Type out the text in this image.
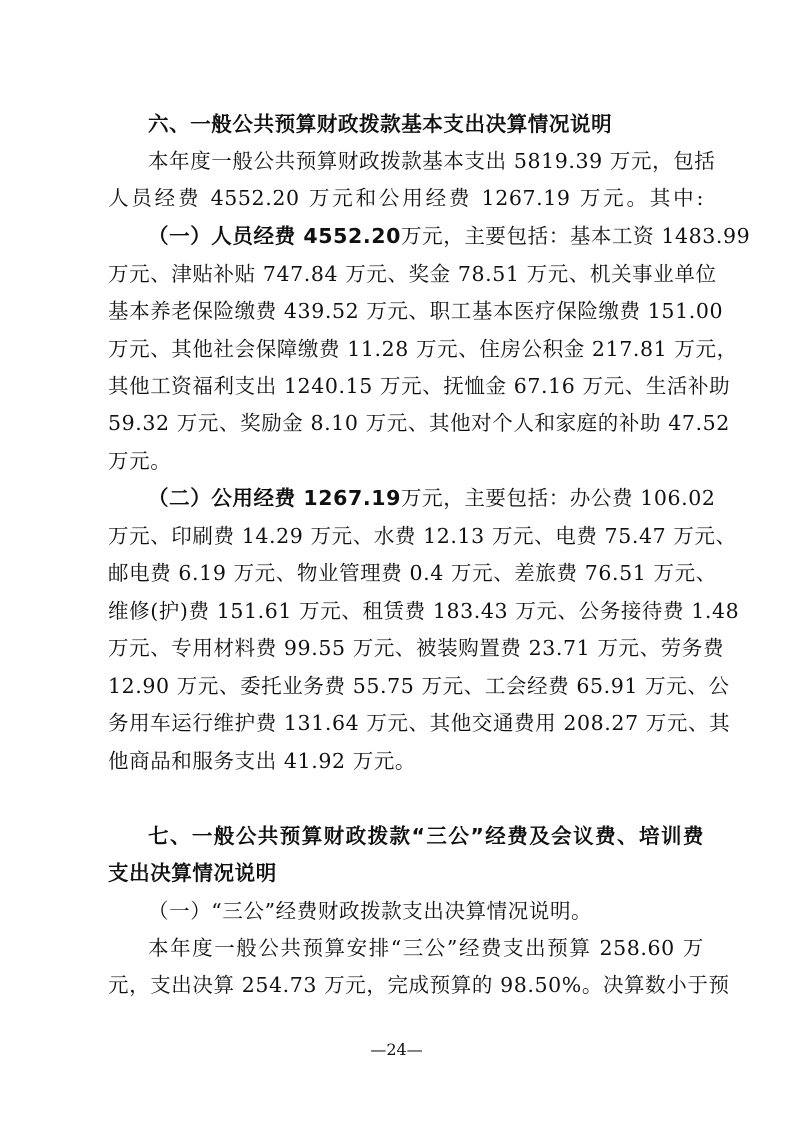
六、一般公共预算财政拨款基本支出决算情况说明
本年度一般公共预算财政拨款基本支出 5819.39 万元，包括
人员经费 4552.20 万元和公用经费 1267.19 万元。其中:
（一）人员经费 4552.20万元，主要包括：基本工资 1483.99
万元、津贴补贴 747.84 万元、奖金 78.51 万元、机关事业单位
基本养老保险缴费 439.52 万元、职工基本医疗保险缴费 151.00
万元、其他社会保障缴费 11.28 万元、住房公积金 217.81 万元，
其他工资福利支出 1240.15 万元、抚恤金 67.16 万元、生活补助
59.32 万元、奖励金 8.10 万元、其他对个人和家庭的补助 47.52
万元。
（二）公用经费 1267.19万元，主要包括：办公费 106.02
万元、印刷费 14.29 万元、水费 12.13 万元、电费 75.47 万元、
邮电费 6.19 万元、物业管理费 0.4 万元、差旅费 76.51 万元、
维修(护)费 151.61 万元、租赁费 183.43 万元、公务接待费 1.48
万元、专用材料费 99.55 万元、被装购置费 23.71 万元、劳务费
12.90 万元、委托业务费 55.75 万元、工会经费 65.91 万元、公
务用车运行维护费 131.64 万元、其他交通费用 208.27 万元、其
他商品和服务支出 41.92 万元。
七、一般公共预算财政拨款“三公”经费及会议费、培训费
支出决算情况说明
（一）“三公”经费财政拨款支出决算情况说明。
本年度一般公共预算安排“三公”经费支出预算 258.60 万
元，支出决算 254.73 万元，完成预算的 98.50%。决算数小于预
—24—
